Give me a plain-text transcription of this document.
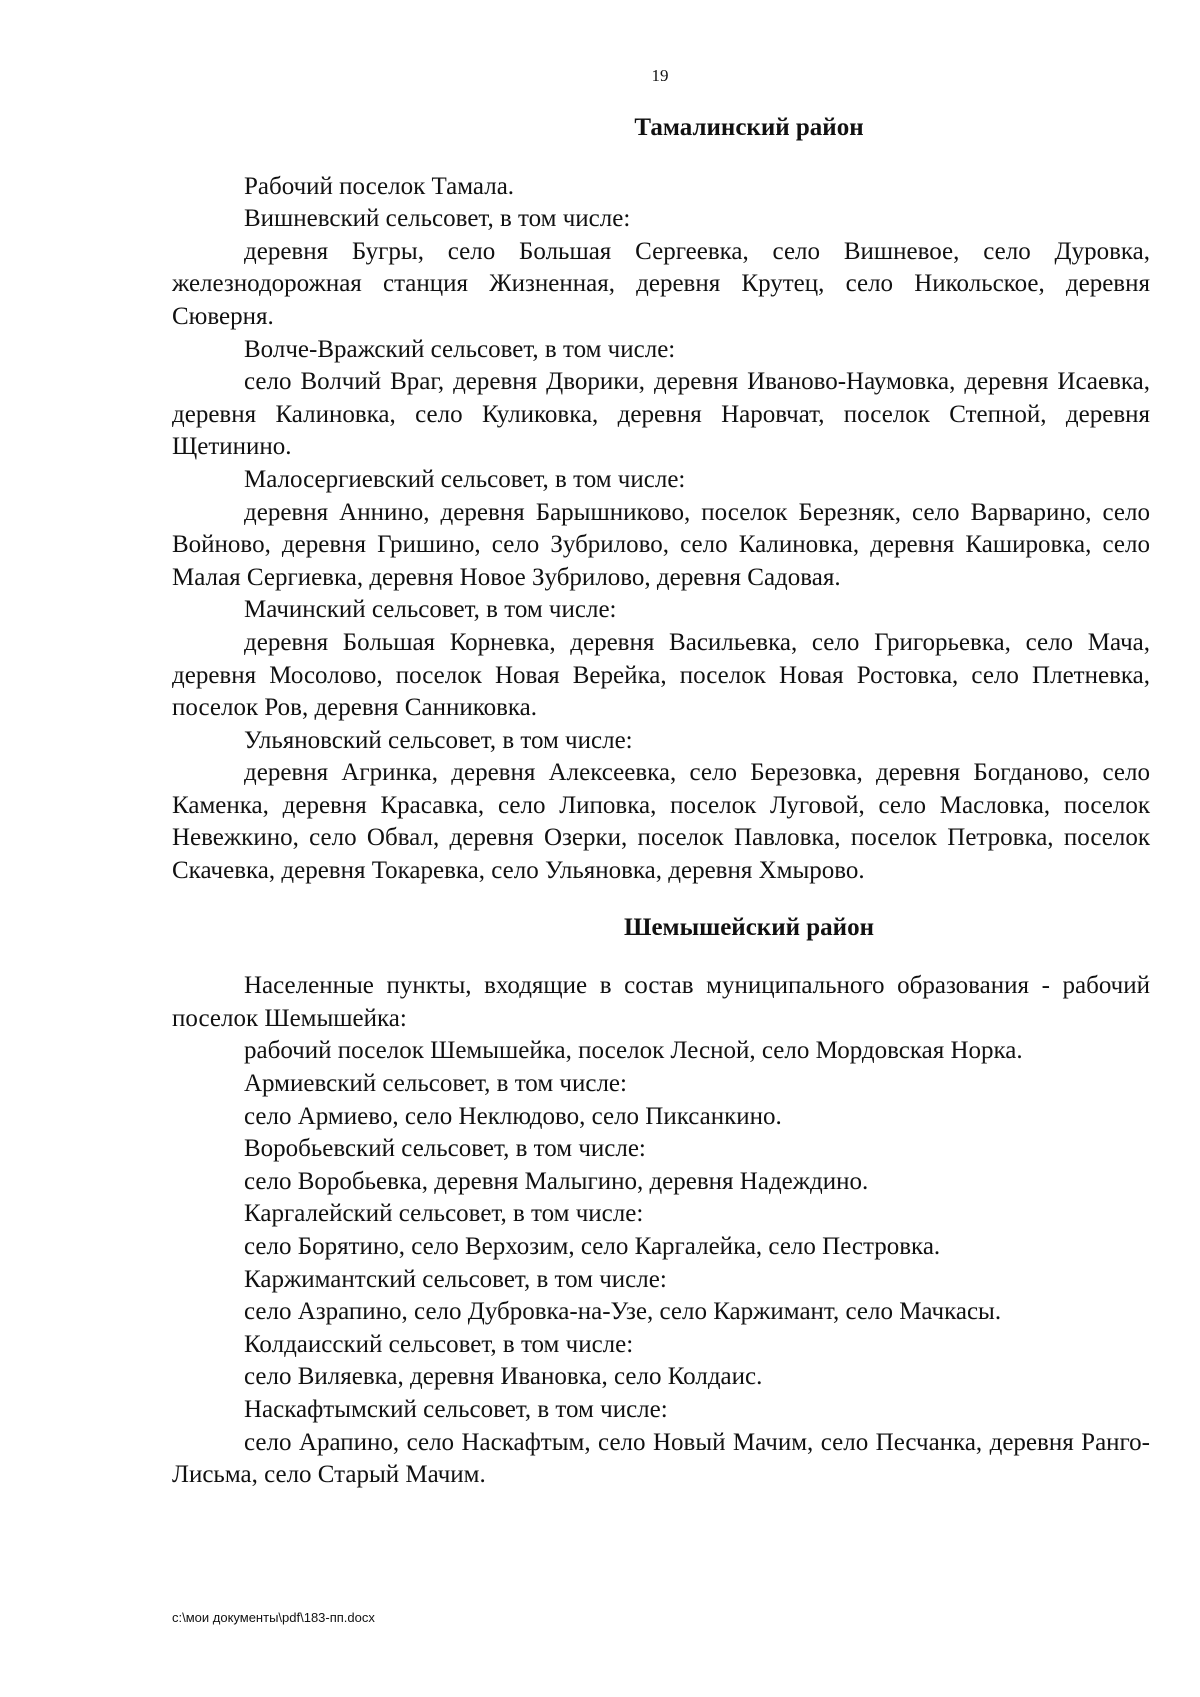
19
Тамалинский район
Рабочий поселок Тамала.
Вишневский сельсовет, в том числе:
деревня Бугры, село Большая Сергеевка, село Вишневое, село Дуровка, железнодорожная станция Жизненная, деревня Крутец, село Никольское, деревня Сюверня.
Волче-Вражский сельсовет, в том числе:
село Волчий Враг, деревня Дворики, деревня Иваново-Наумовка, деревня Исаевка, деревня Калиновка, село Куликовка, деревня Наровчат, поселок Степной, деревня Щетинино.
Малосергиевский сельсовет, в том числе:
деревня Аннино, деревня Барышниково, поселок Березняк, село Варварино, село Войново, деревня Гришино, село Зубрилово, село Калиновка, деревня Кашировка, село Малая Сергиевка, деревня Новое Зубрилово, деревня Садовая.
Мачинский сельсовет, в том числе:
деревня Большая Корневка, деревня Васильевка, село Григорьевка, село Мача, деревня Мосолово, поселок Новая Верейка, поселок Новая Ростовка, село Плетневка, поселок Ров, деревня Санниковка.
Ульяновский сельсовет, в том числе:
деревня Агринка, деревня Алексеевка, село Березовка, деревня Богданово, село Каменка, деревня Красавка, село Липовка, поселок Луговой, село Масловка, поселок Невежкино, село Обвал, деревня Озерки, поселок Павловка, поселок Петровка, поселок Скачевка, деревня Токаревка, село Ульяновка, деревня Хмырово.
Шемышейский район
Населенные пункты, входящие в состав муниципального образования - рабочий поселок Шемышейка:
рабочий поселок Шемышейка, поселок Лесной, село Мордовская Норка.
Армиевский сельсовет, в том числе:
село Армиево, село Неклюдово, село Пиксанкино.
Воробьевский сельсовет, в том числе:
село Воробьевка, деревня Малыгино, деревня Надеждино.
Каргалейский сельсовет, в том числе:
село Борятино, село Верхозим, село Каргалейка, село Пестровка.
Каржимантский сельсовет, в том числе:
село Азрапино, село Дубровка-на-Узе, село Каржимант, село Мачкасы.
Колдаисский сельсовет, в том числе:
село Виляевка, деревня Ивановка, село Колдаис.
Наскафтымский сельсовет, в том числе:
село Арапино, село Наскафтым, село Новый Мачим, село Песчанка, деревня Ранго-Лисьма, село Старый Мачим.
c:\мои документы\pdf\183-пп.docx
